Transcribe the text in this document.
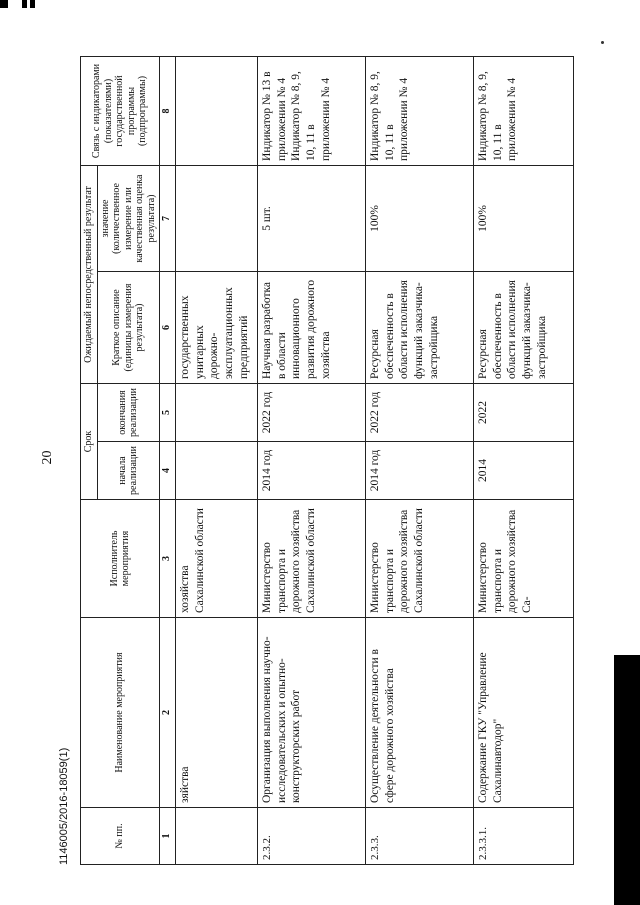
20
1146005/2016-18059(1)	№ пп.	Наименование мероприятия	Исполнитель мероприятия	Срок		Ожидаемый непосредственный результат		Связь с индикаторами (показателями) государственной программы (подпрограммы)
			начала реализации	окончания реализации	Краткое описание (единицы измерения результата)	значение (количественное измерение или качественная оценка результата)	
1	2	3	4	5	6	7	8
	зяйства	хозяйства Сахалинской области			государственных унитарных дорожно-эксплуатационных предприятий		
2.3.2.	Организация выполнения научно-исследовательских и опытно-конструкторских работ	Министерство транспорта и дорожного хозяйства Сахалинской области	2014 год	2022 год	Научная разработка в области инновационного развития дорожного хозяйства	5 шт.	Индикатор № 13 в приложении № 4 Индикатор № 8, 9, 10, 11 в приложении № 4
2.3.3.	Осуществление деятельности в сфере дорожного хозяйства	Министерство транспорта и дорожного хозяйства Сахалинской области	2014 год	2022 год	Ресурсная обеспеченность в области исполнения функций заказчика-застройщика	100%	Индикатор № 8, 9, 10, 11 в приложении № 4
2.3.3.1.	Содержание ГКУ "Управление Сахалинавтодор"	Министерство транспорта и дорожного хозяйства Са-	2014	2022	Ресурсная обеспеченность в области исполнения функций заказчика-застройщика	100%	Индикатор № 8, 9, 10, 11 в приложении № 4
